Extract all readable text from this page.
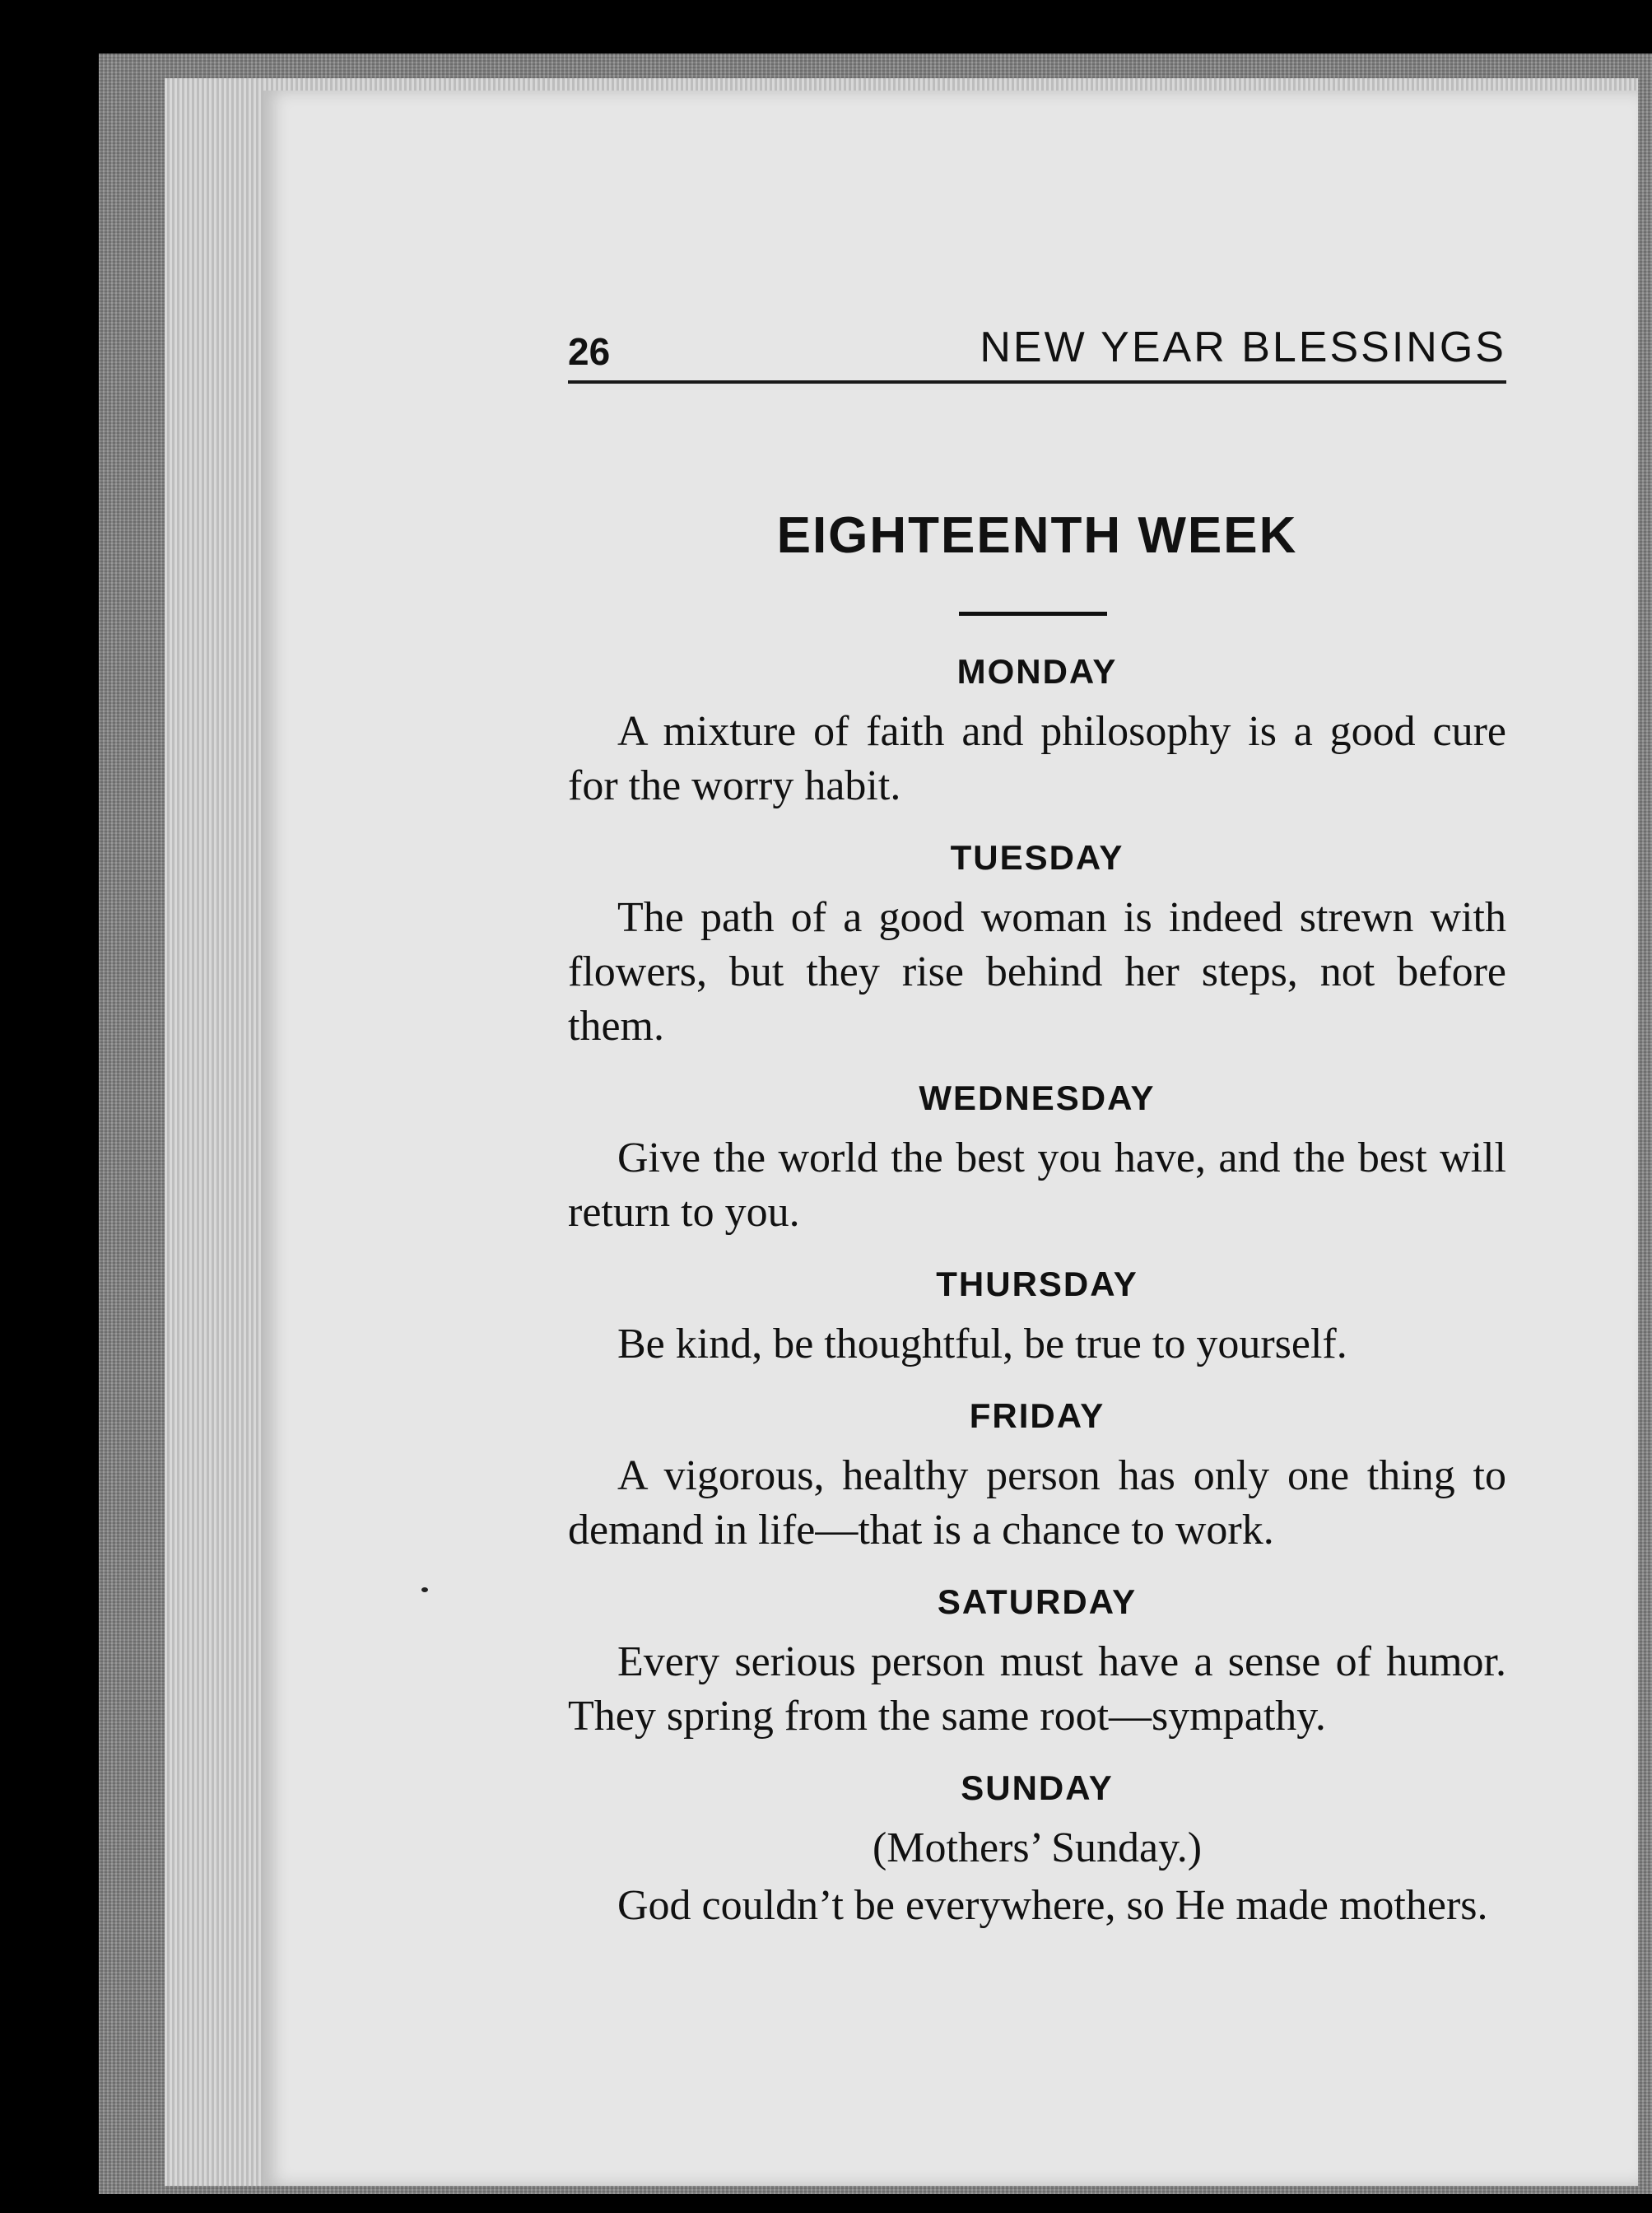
26	NEW YEAR BLESSINGS
EIGHTEENTH WEEK
MONDAY

A mixture of faith and philosophy is a good cure for the worry habit.

TUESDAY

The path of a good woman is indeed strewn with flowers, but they rise behind her steps, not before them.

WEDNESDAY

Give the world the best you have, and the best will return to you.

THURSDAY

Be kind, be thoughtful, be true to yourself.

FRIDAY

A vigorous, healthy person has only one thing to demand in life—that is a chance to work.

SATURDAY

Every serious person must have a sense of humor. They spring from the same root—sympathy.

SUNDAY
(Mothers’ Sunday.)

God couldn’t be everywhere, so He made mothers.
